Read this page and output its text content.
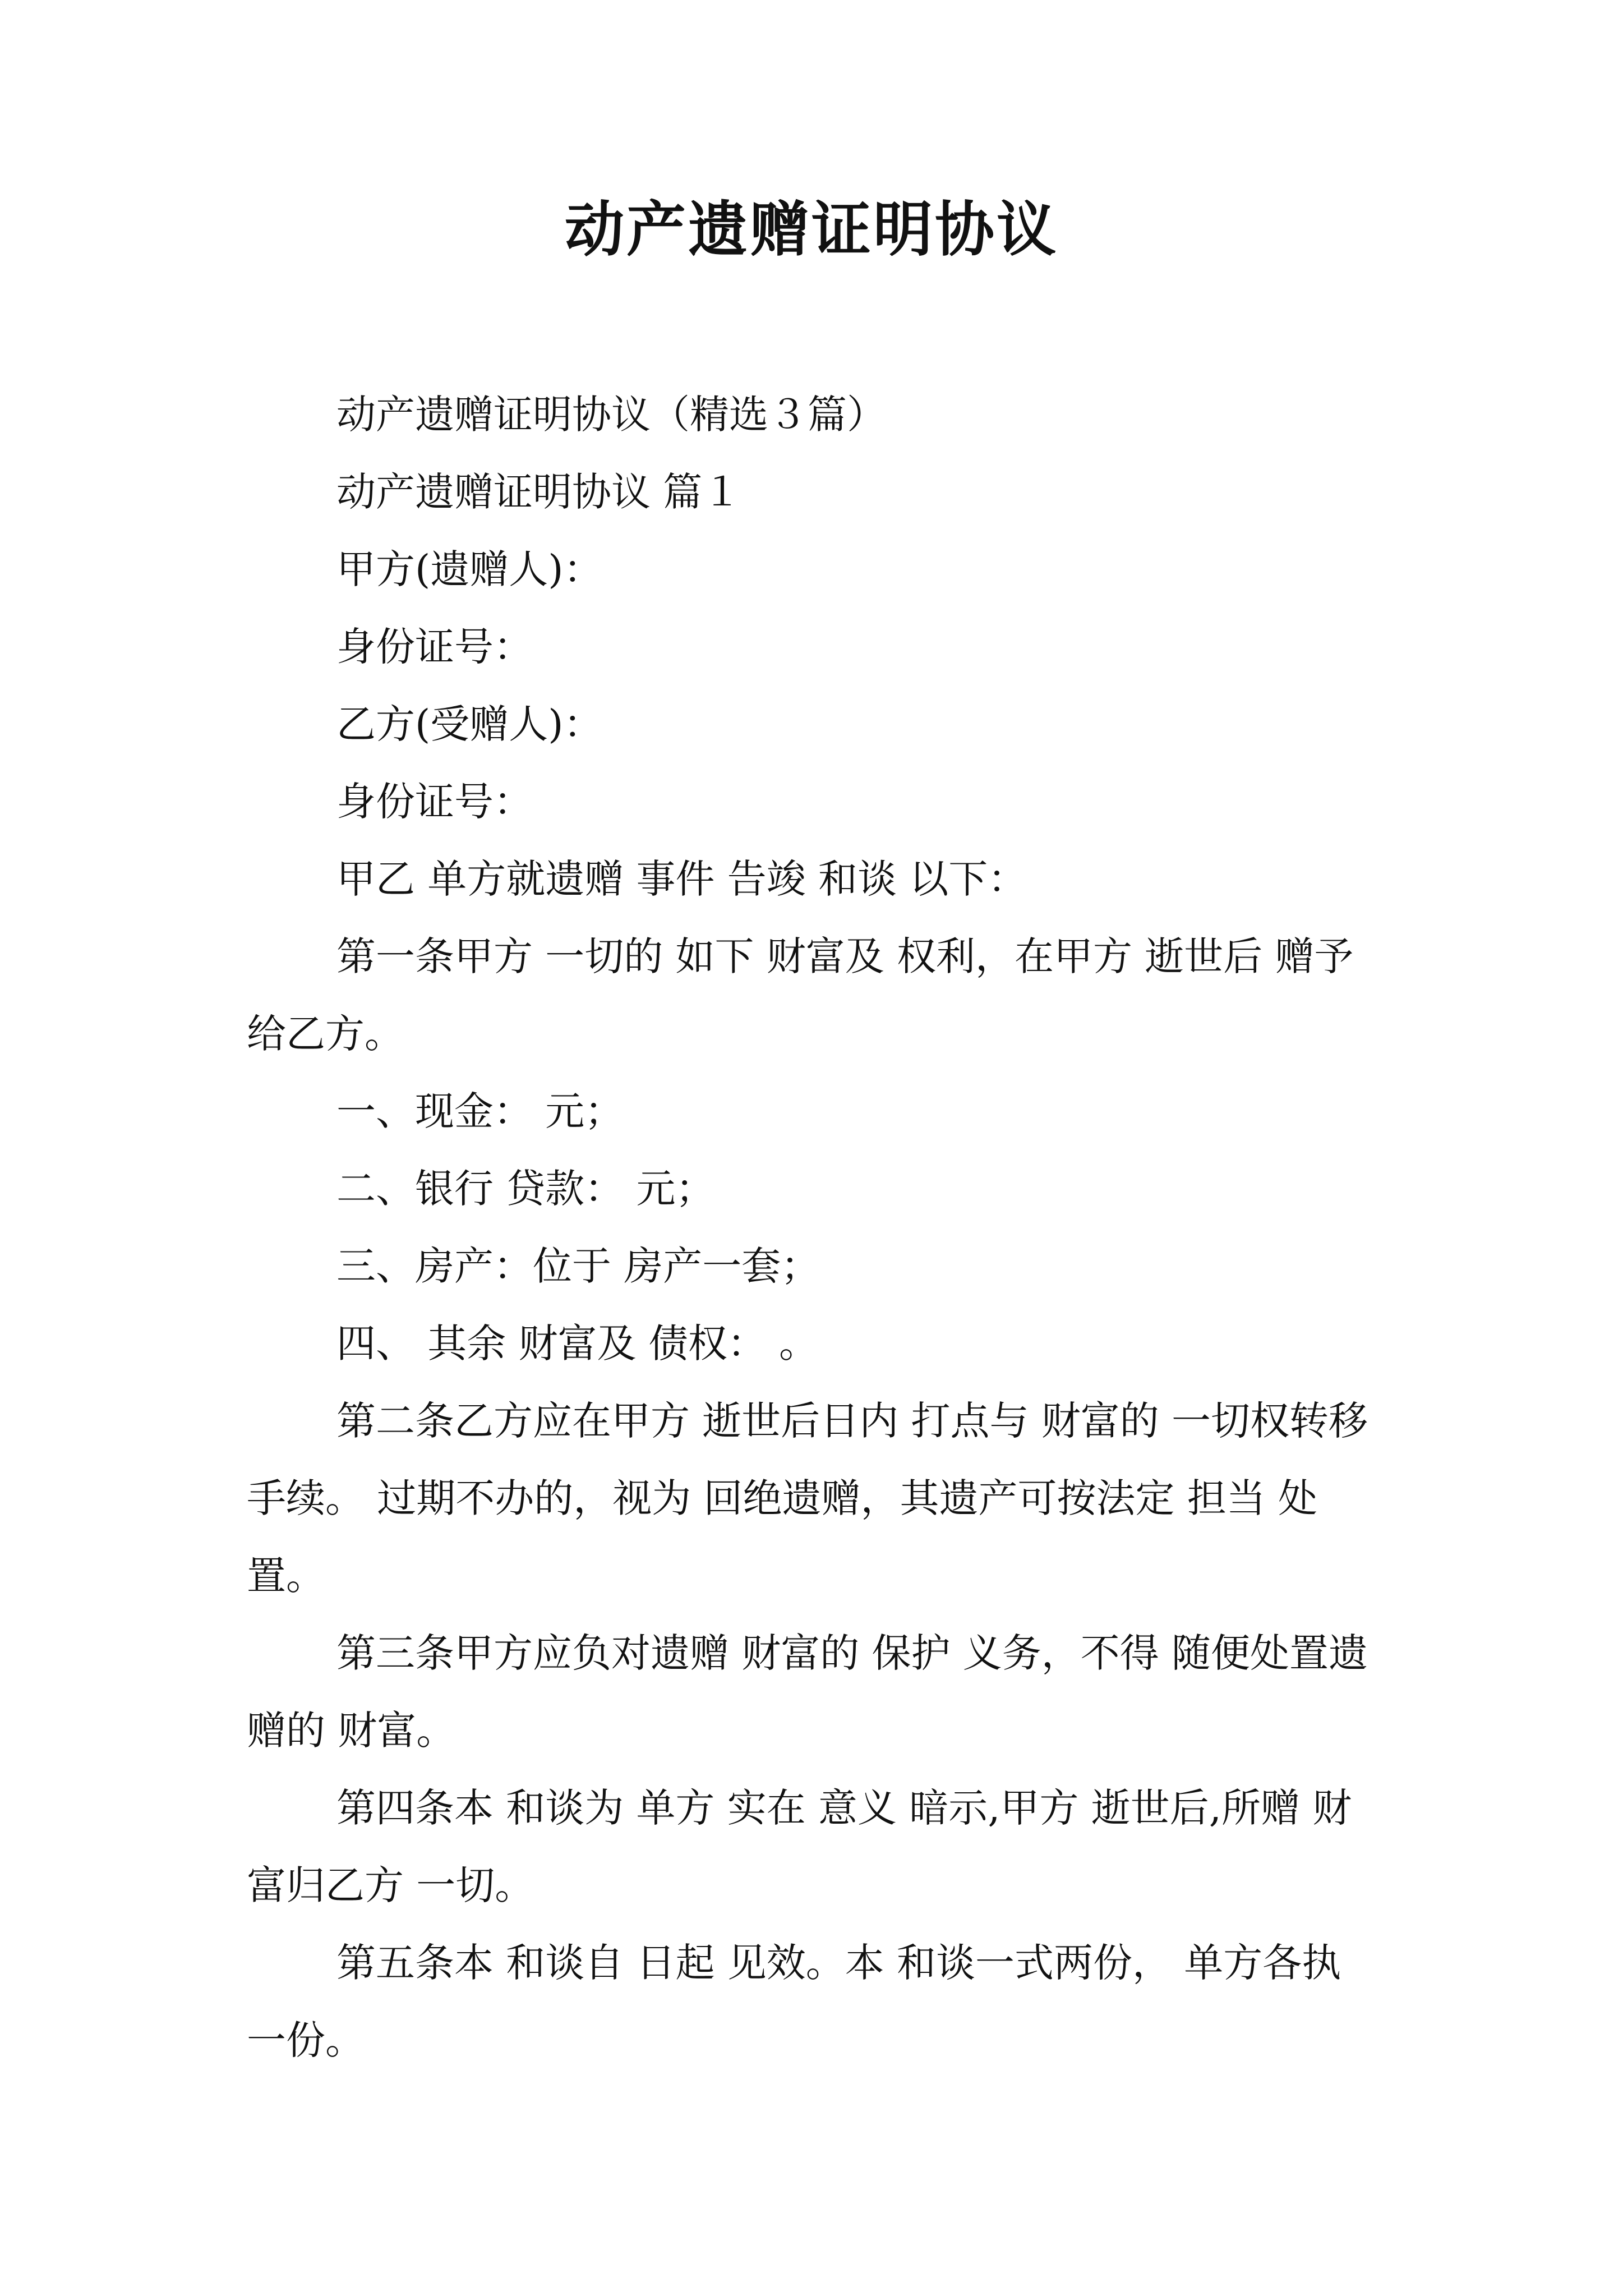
动产遗赠证明协议

动产遗赠证明协议（精选３篇）

动产遗赠证明协议 篇１

甲方(遗赠人)：

身份证号：

乙方(受赠人)：

身份证号：

甲乙 单方就遗赠 事件 告竣 和谈 以下：

第一条甲方 一切的 如下 财富及 权利，在甲方 逝世后 赠予给乙方。

一、现金： 元；

二、银行 贷款： 元；

三、房产：位于 房产一套；

四、 其余 财富及 债权： 。

第二条乙方应在甲方 逝世后日内 打点与 财富的 一切权转移手续。 过期不办的，视为 回绝遗赠，其遗产可按法定 担当 处置。

第三条甲方应负对遗赠 财富的 保护 义务，不得 随便处置遗赠的 财富。

第四条本 和谈为 单方 实在 意义 暗示,甲方 逝世后,所赠 财富归乙方 一切。

第五条本 和谈自 日起 见效。本 和谈一式两份， 单方各执一份。
